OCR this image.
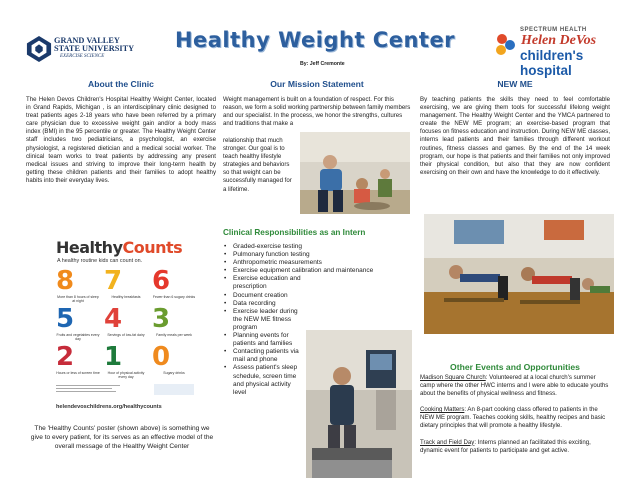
GRAND VALLEY
STATE UNIVERSITY
EXERCISE SCIENCE
Healthy Weight Center
By: Jeff Cremonte
SPECTRUM HEALTH
Helen DeVos
children's hospital
About the Clinic
The Helen Devos Children's Hospital Healthy Weight Center, located in Grand Rapids, Michigan , is an interdisciplinary clinic designed to treat patients ages 2-18 years who have been referred by a primary care physician due to excessive weight gain and/or a body mass index (BMI) in the 95 percentile or greater. The Healthy Weight Center staff includes two pediatricians, a psychologist, an exercise physiologist, a registered dietician and a medical social worker. The clinical team works to treat patients by addressing any present medical issues and striving to improve their long-term health by getting these children patients and their families to adopt healthy habits into their everyday lives.
HealthyCounts
A healthy routine kids can count on.
8
More than 8 hours of sleep at night
7
Healthy breakfasts
6
Fewer than 6 sugary drinks
5
Fruits and vegetables every day
4
Servings of low-fat dairy
3
Family meals per week
2
Hours or less of screen time
1
Hour of physical activity every day
0
Sugary drinks
helendevoschildrens.org/healthycounts
The 'Healthy Counts' poster (shown above) is something we give to every patient, for its serves as an effective model of the overall message of the Healthy Weight Center
Our Mission Statement
Weight management is built on a foundation of respect. For this reason, we form a solid working partnership between family members and our specialist. In the process, we honor the strengths, cultures and traditions that make a
relationship that much stronger. Our goal is to teach healthy lifestyle strategies and behaviors so that weight can be successfully managed for a lifetime.
Clinical Responsibilities as an Intern
• Graded-exercise testing
• Pulmonary function testing
• Anthropometric measurements
• Exercise equipment calibration and maintenance
• Exercise education and prescription
• Document creation
• Data recording
• Exercise leader during the NEW ME fitness program
• Planning events for patients and families
• Contacting patients via mail and phone
• Assess patient's sleep schedule, screen time and physical activity level
NEW ME
By teaching patients the skills they need to feel comfortable exercising, we are giving them tools for successful lifelong weight management. The Healthy Weight Center and the YMCA partnered to create the NEW ME program; an exercise-based program that focuses on fitness education and instruction. During NEW ME classes, interns lead patients and their families through different workout routines, fitness classes and games. By the end of the 14 week program, our hope is that patients and their families not only improved their physical condition, but also that they are now confident exercising on their own and have the knowledge to do it effectively.
Other Events and Opportunities
Madison Square Church: Volunteered at a local church's summer camp where the other HWC interns and I were able to educate youths about the benefits of physical wellness and fitness.
Cooking Matters: An 8-part cooking class offered to patients in the NEW ME program. Teaches cooking skills, healthy recipes and basic dietary principles that will promote a healthy lifestyle.
Track and Field Day: Interns planned an facilitated this exciting, dynamic event for patients to participate and get active.
